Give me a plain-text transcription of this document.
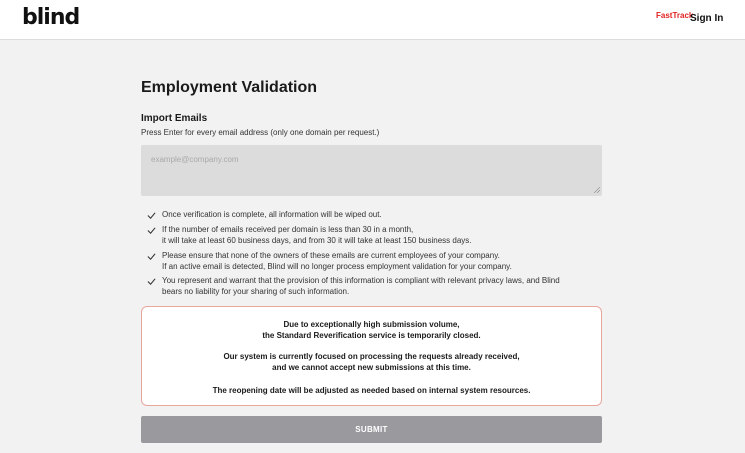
blind	FastTrack
Sign In
Employment Validation
Import Emails
Press Enter for every email address (only one domain per request.)
example@company.com
Once verification is complete, all information will be wiped out.
If the number of emails received per domain is less than 30 in a month,
it will take at least 60 business days, and from 30 it will take at least 150 business days.
Please ensure that none of the owners of these emails are current employees of your company.
If an active email is detected, Blind will no longer process employment validation for your company.
You represent and warrant that the provision of this information is compliant with relevant privacy laws, and Blind
bears no liability for your sharing of such information.
Due to exceptionally high submission volume,
the Standard Reverification service is temporarily closed.
Our system is currently focused on processing the requests already received,
and we cannot accept new submissions at this time.
The reopening date will be adjusted as needed based on internal system resources.
SUBMIT
